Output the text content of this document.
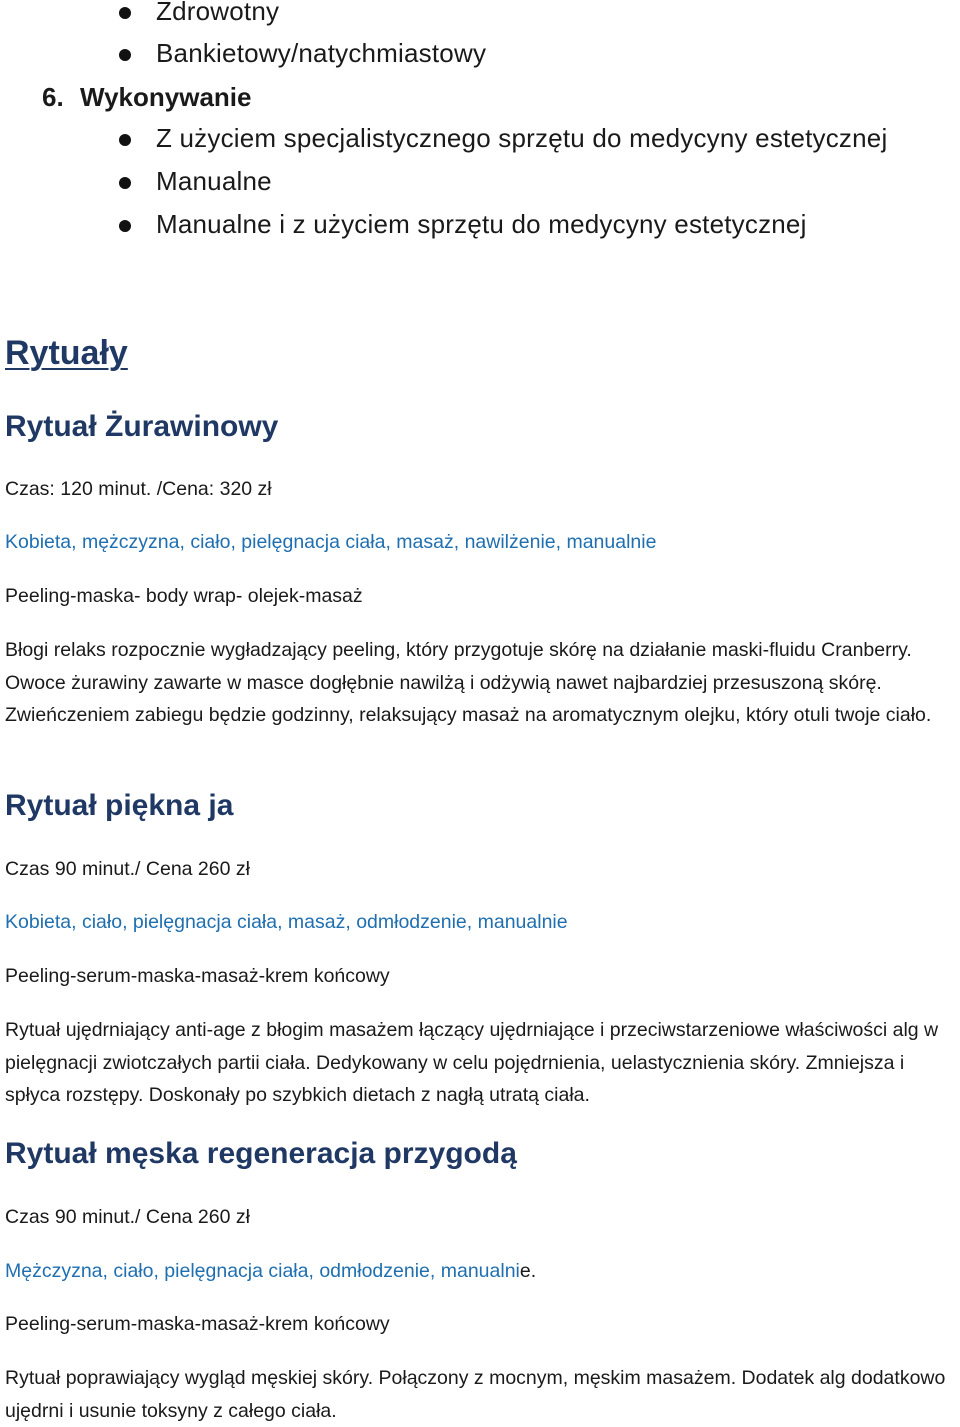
Zdrowotny
Bankietowy/natychmiastowy
6. Wykonywanie
Z użyciem specjalistycznego sprzętu do medycyny estetycznej
Manualne
Manualne i z użyciem sprzętu do medycyny estetycznej
Rytuały
Rytuał Żurawinowy
Czas: 120 minut. /Cena: 320 zł
Kobieta, mężczyzna, ciało, pielęgnacja ciała, masaż, nawilżenie, manualnie
Peeling-maska- body wrap- olejek-masaż
Błogi relaks rozpocznie wygładzający peeling, który przygotuje skórę na działanie maski-fluidu Cranberry. Owoce żurawiny zawarte w masce dogłębnie nawilżą i odżywią nawet najbardziej przesuszoną skórę. Zwieńczeniem zabiegu będzie godzinny, relaksujący masaż na aromatycznym olejku, który otuli twoje ciało.
Rytuał piękna ja
Czas 90 minut./ Cena 260 zł
Kobieta, ciało, pielęgnacja ciała, masaż, odmłodzenie, manualnie
Peeling-serum-maska-masaż-krem końcowy
Rytuał ujędrniający anti-age z błogim masażem łączący ujędrniające i przeciwstarzeniowe właściwości alg w pielęgnacji zwiotczałych partii ciała. Dedykowany w celu pojędrnienia, uelastycznienia skóry. Zmniejsza i spłyca rozstępy. Doskonały po szybkich dietach z nagłą utratą ciała.
Rytuał męska regeneracja przygodą
Czas 90 minut./ Cena 260 zł
Mężczyzna, ciało, pielęgnacja ciała, odmłodzenie, manualnie.
Peeling-serum-maska-masaż-krem końcowy
Rytuał poprawiający wygląd męskiej skóry. Połączony z mocnym, męskim masażem. Dodatek alg dodatkowo ujędrni i usunie toksyny z całego ciała.
